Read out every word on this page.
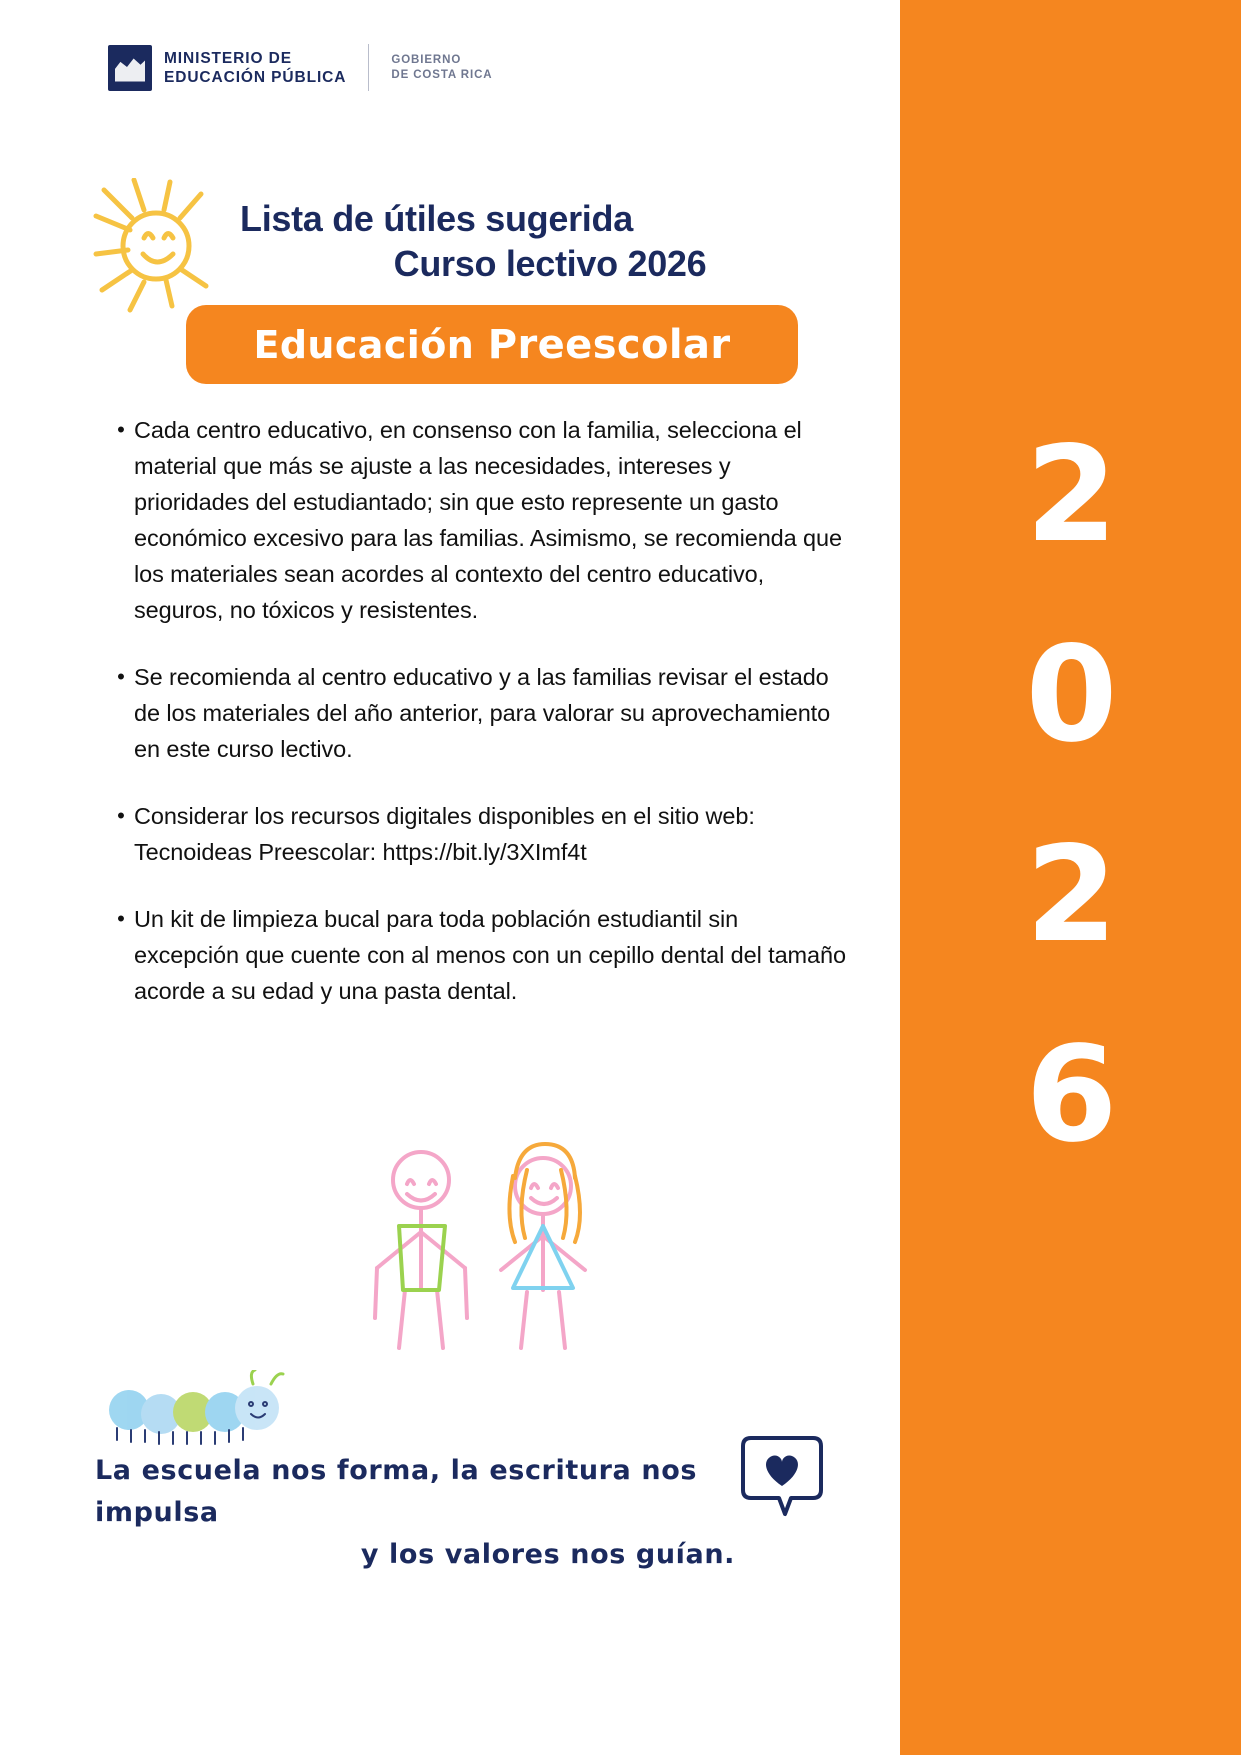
2
0
2
6
MINISTERIO DE
EDUCACIÓN PÚBLICA
GOBIERNO
DE COSTA RICA
Lista de útiles sugerida
Curso lectivo 2026
Educación Preescolar
• Cada centro educativo, en consenso con la familia, selecciona el material que más se ajuste a las necesidades, intereses y prioridades del estudiantado; sin que esto represente un gasto económico excesivo para las familias. Asimismo, se recomienda que los materiales sean acordes al contexto del centro educativo, seguros, no tóxicos y resistentes.
• Se recomienda al centro educativo y a las familias revisar el estado de los materiales del año anterior, para valorar su aprovechamiento en este curso lectivo.
• Considerar los recursos digitales disponibles en el sitio web: Tecnoideas Preescolar: https://bit.ly/3XImf4t
• Un kit de limpieza bucal para toda población estudiantil sin excepción que cuente con al menos con un cepillo dental del tamaño acorde a su edad y una pasta dental.
La escuela nos forma, la escritura nos impulsa
y los valores nos guían.
